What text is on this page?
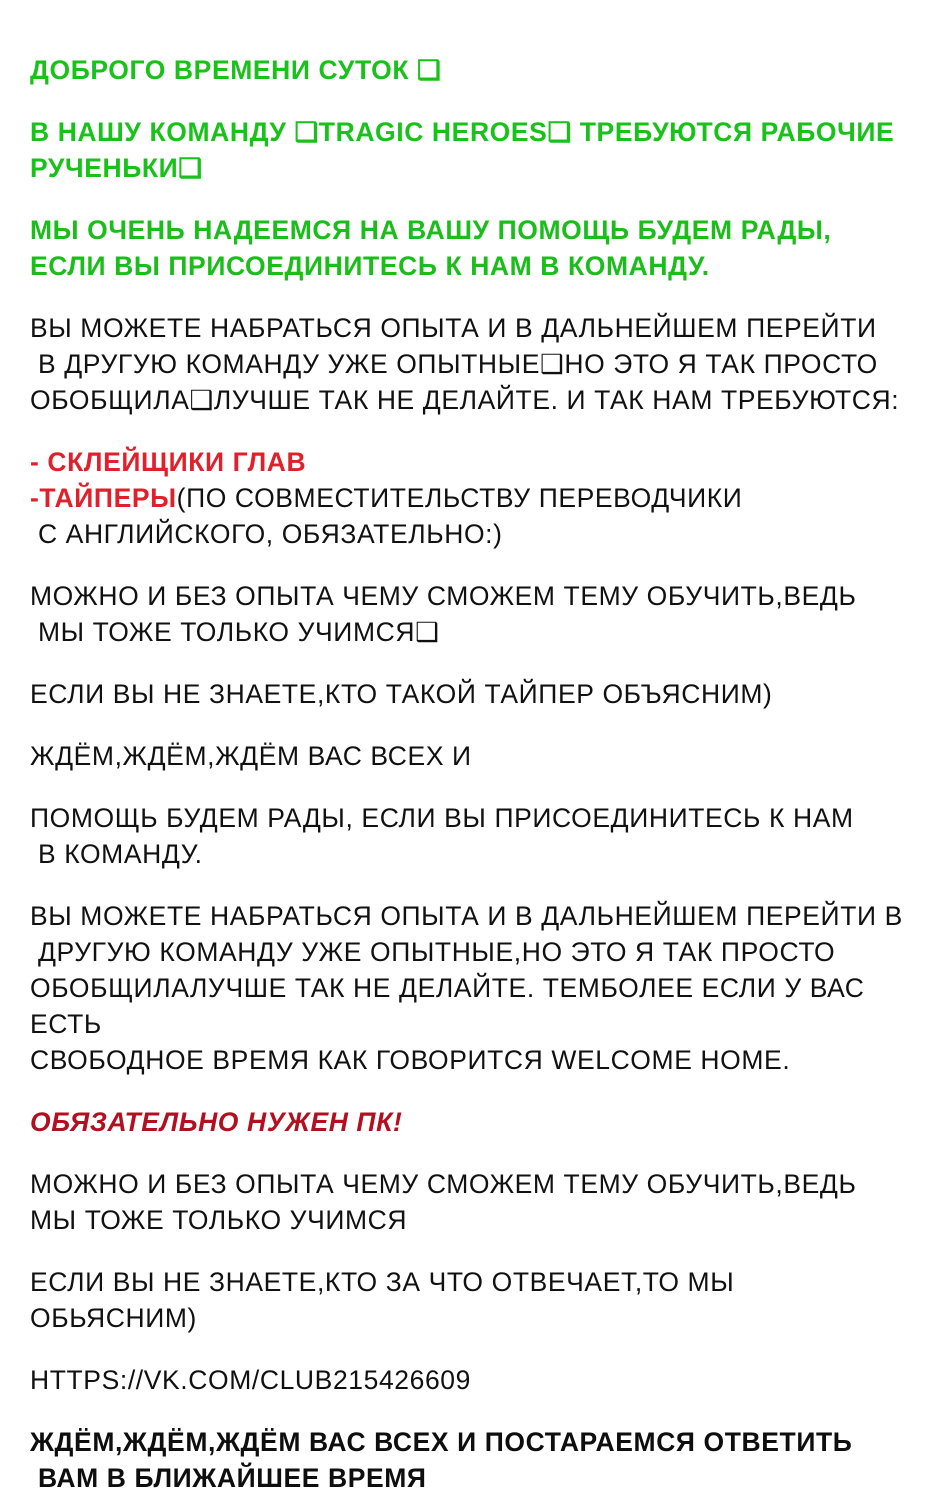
ДОБРОГО ВРЕМЕНИ СУТОК ❑
В НАШУ КОМАНДУ ❑TRAGIC HEROES❑ ТРЕБУЮТСЯ РАБОЧИЕ
РУЧЕНЬКИ❑
МЫ ОЧЕНЬ НАДЕЕМСЯ НА ВАШУ ПОМОЩЬ БУДЕМ РАДЫ,
ЕСЛИ ВЫ ПРИСОЕДИНИТЕСЬ К НАМ В КОМАНДУ.
ВЫ МОЖЕТЕ НАБРАТЬСЯ ОПЫТА И В ДАЛЬНЕЙШЕМ ПЕРЕЙТИ
В ДРУГУЮ КОМАНДУ УЖЕ ОПЫТНЫЕ❑НО ЭТО Я ТАК ПРОСТО
ОБОБЩИЛА❑ЛУЧШЕ ТАК НЕ ДЕЛАЙТЕ. И ТАК НАМ ТРЕБУЮТСЯ:
- СКЛЕЙЩИКИ ГЛАВ
-ТАЙПЕРЫ(ПО СОВМЕСТИТЕЛЬСТВУ ПЕРЕВОДЧИКИ
С АНГЛИЙСКОГО, ОБЯЗАТЕЛЬНО:)
МОЖНО И БЕЗ ОПЫТА ЧЕМУ СМОЖЕМ ТЕМУ ОБУЧИТЬ,ВЕДЬ
МЫ ТОЖЕ ТОЛЬКО УЧИМСЯ❑
ЕСЛИ ВЫ НЕ ЗНАЕТЕ,КТО ТАКОЙ ТАЙПЕР ОБЪЯСНИМ)
ЖДЁМ,ЖДЁМ,ЖДЁМ ВАС ВСЕХ И
ПОМОЩЬ БУДЕМ РАДЫ, ЕСЛИ ВЫ ПРИСОЕДИНИТЕСЬ К НАМ
В КОМАНДУ.
ВЫ МОЖЕТЕ НАБРАТЬСЯ ОПЫТА И В ДАЛЬНЕЙШЕМ ПЕРЕЙТИ В
ДРУГУЮ КОМАНДУ УЖЕ ОПЫТНЫЕ,НО ЭТО Я ТАК ПРОСТО
ОБОБЩИЛАЛУЧШЕ ТАК НЕ ДЕЛАЙТЕ. ТЕМБОЛЕЕ ЕСЛИ У ВАС ЕСТЬ
СВОБОДНОЕ ВРЕМЯ КАК ГОВОРИТСЯ WELCOME HOME.
ОБЯЗАТЕЛЬНО НУЖЕН ПК!
МОЖНО И БЕЗ ОПЫТА ЧЕМУ СМОЖЕМ ТЕМУ ОБУЧИТЬ,ВЕДЬ
МЫ ТОЖЕ ТОЛЬКО УЧИМСЯ
ЕСЛИ ВЫ НЕ ЗНАЕТЕ,КТО ЗА ЧТО ОТВЕЧАЕТ,ТО МЫ ОБЬЯСНИМ)
HTTPS://VK.COM/CLUB215426609
ЖДЁМ,ЖДЁМ,ЖДЁМ ВАС ВСЕХ И ПОСТАРАЕМСЯ ОТВЕТИТЬ
ВАМ В БЛИЖАЙШЕЕ ВРЕМЯ
